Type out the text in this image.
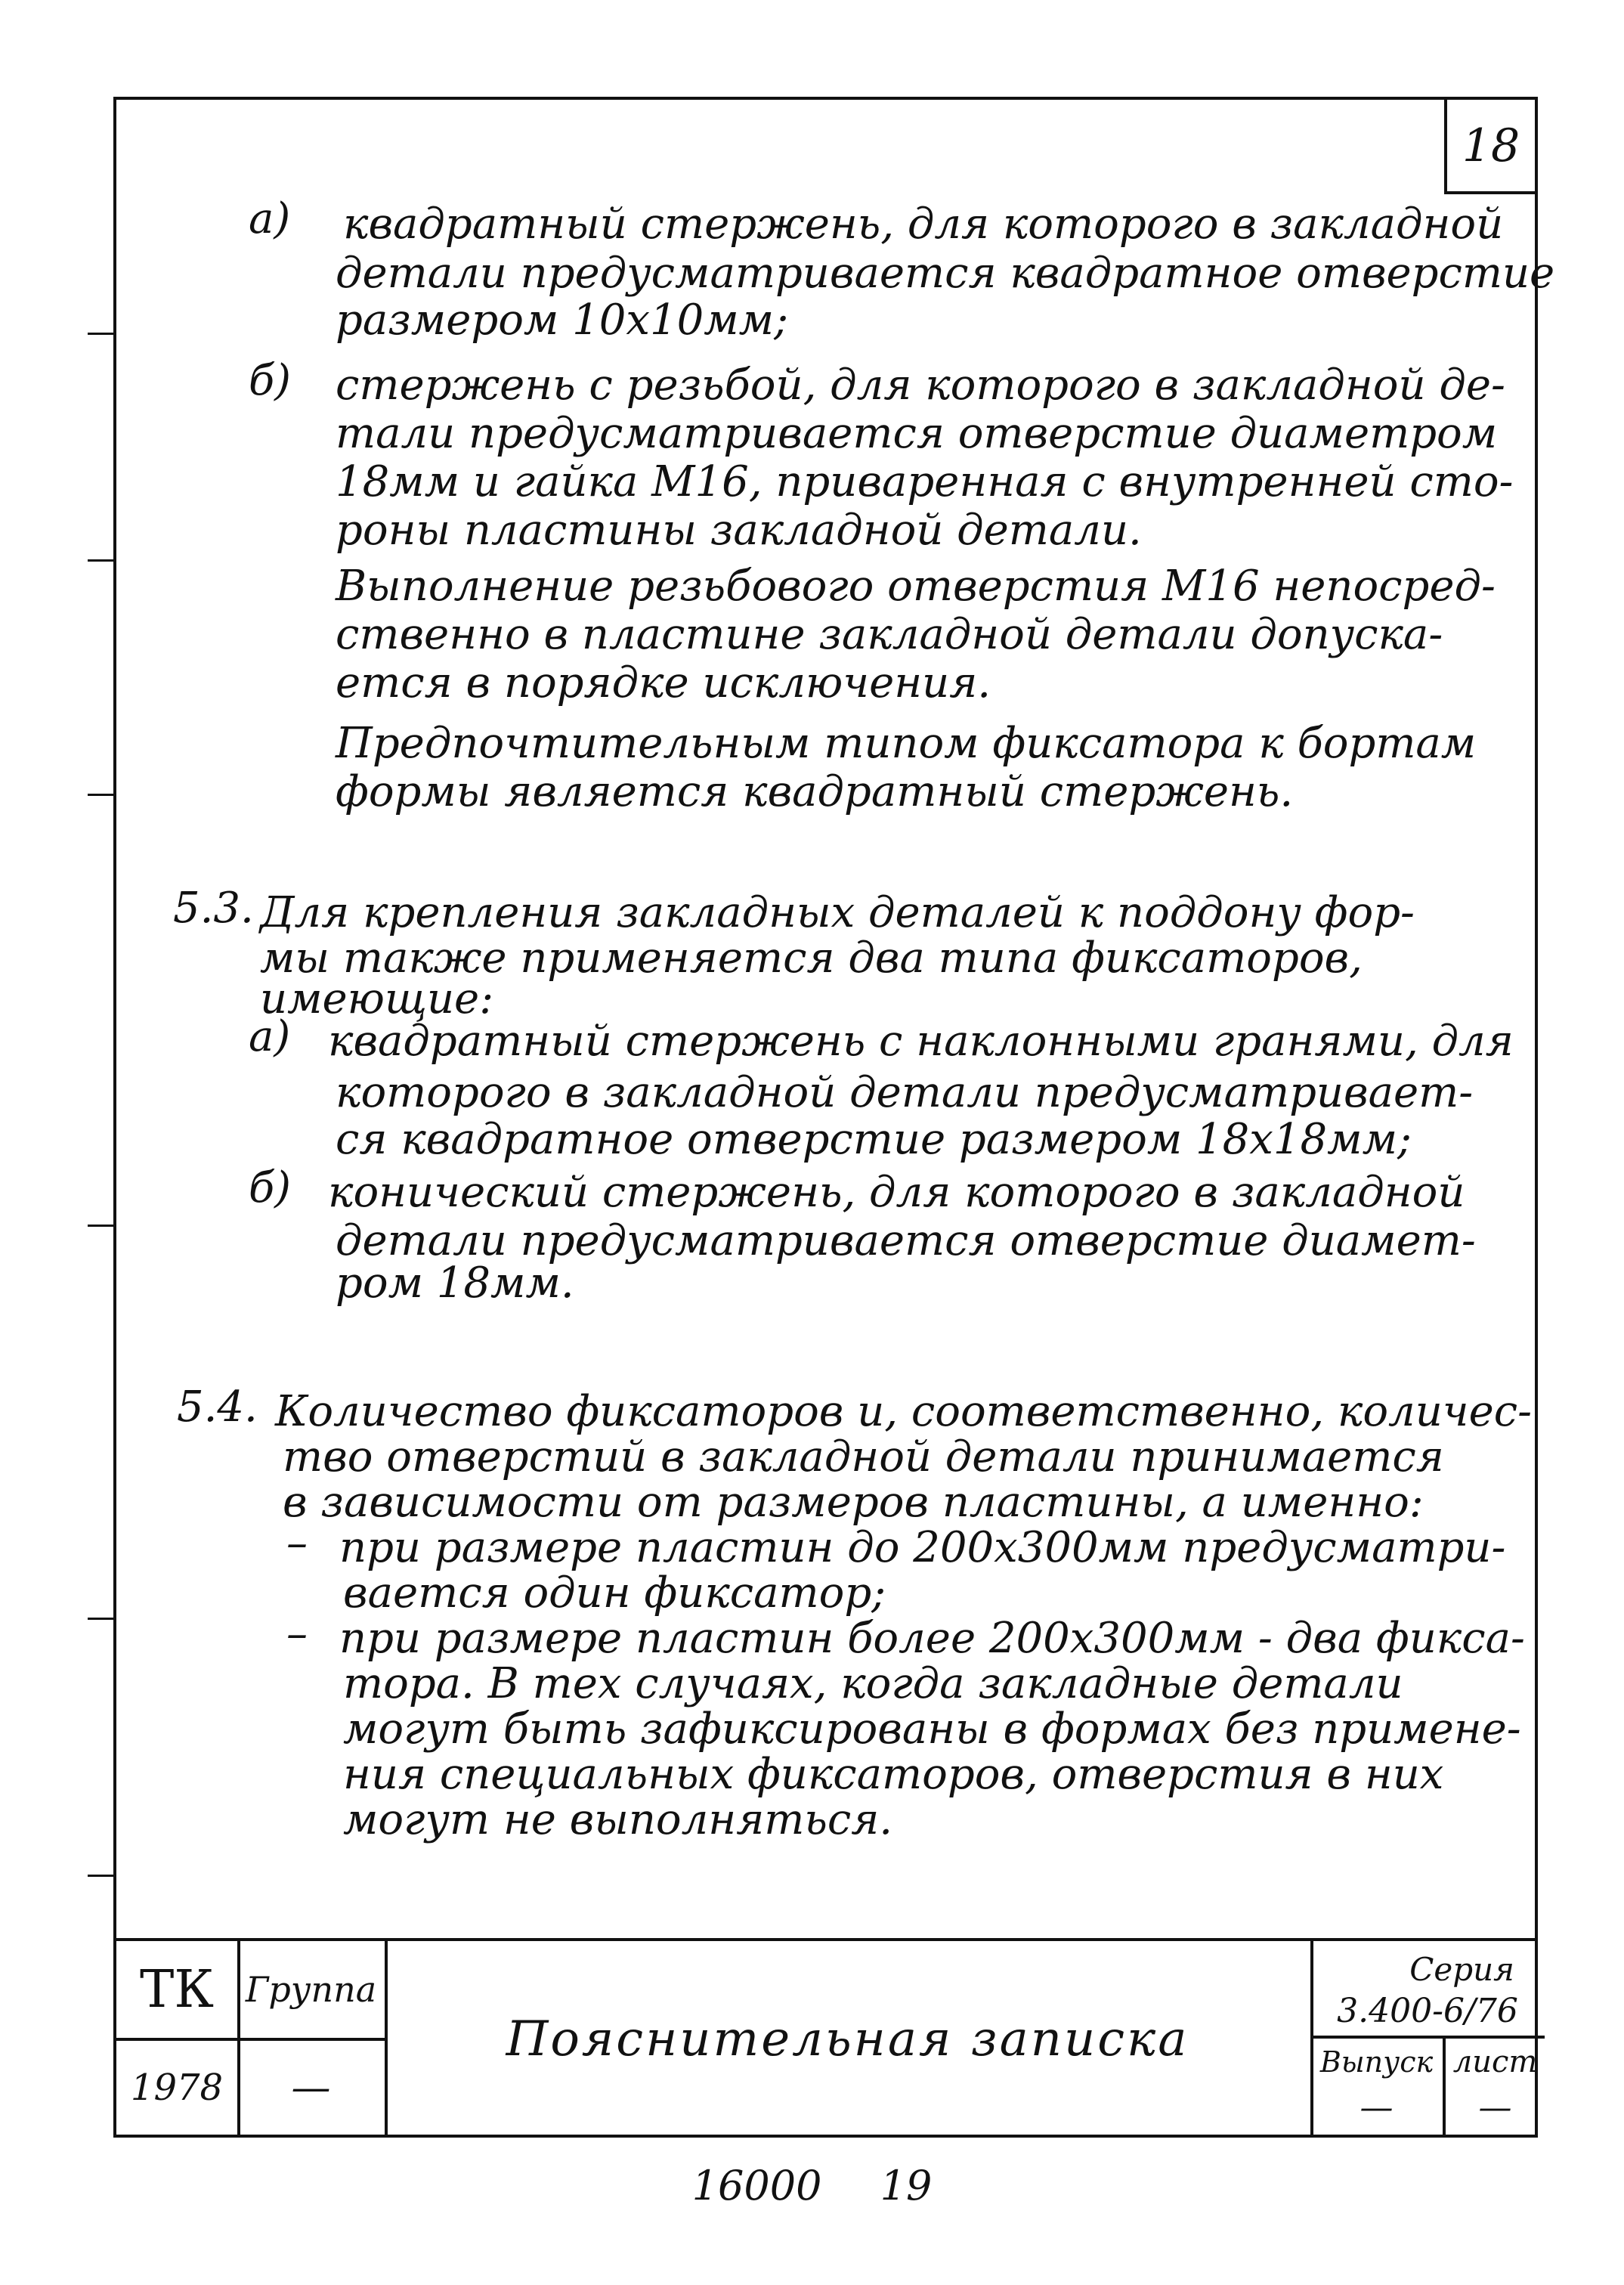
18
а)
б)
5.3.
а)
б)
5.4.
–
–
квадратный стержень, для которого в закладной
детали предусматривается квадратное отверстие
размером 10х10мм;
стержень с резьбой, для которого в закладной де-
тали предусматривается отверстие диаметром
18мм и гайка М16, приваренная с внутренней сто-
роны пластины закладной детали.
Выполнение резьбового отверстия М16 непосред-
ственно в пластине закладной детали допуска-
ется в порядке исключения.
Предпочтительным типом фиксатора к бортам
формы является квадратный стержень.
Для крепления закладных деталей к поддону фор-
мы также применяется два типа фиксаторов,
имеющие:
квадратный стержень с наклонными гранями, для
которого в закладной детали предусматривает-
ся квадратное отверстие размером 18х18мм;
конический стержень, для которого в закладной
детали предусматривается отверстие диамет-
ром 18мм.
Количество фиксаторов и, соответственно, количес-
тво отверстий в закладной детали принимается
в зависимости от размеров пластины, а именно:
при размере пластин до 200х300мм предусматри-
вается один фиксатор;
при размере пластин более 200х300мм - два фикса-
тора. В тех случаях, когда закладные детали
могут быть зафиксированы в формах без примене-
ния специальных фиксаторов, отверстия в них
могут не выполняться.
ТК Группа
1978	—
Пояснительная записка
Серия
3.400-6/76
Выпуск
—
лист
—
16000 19
